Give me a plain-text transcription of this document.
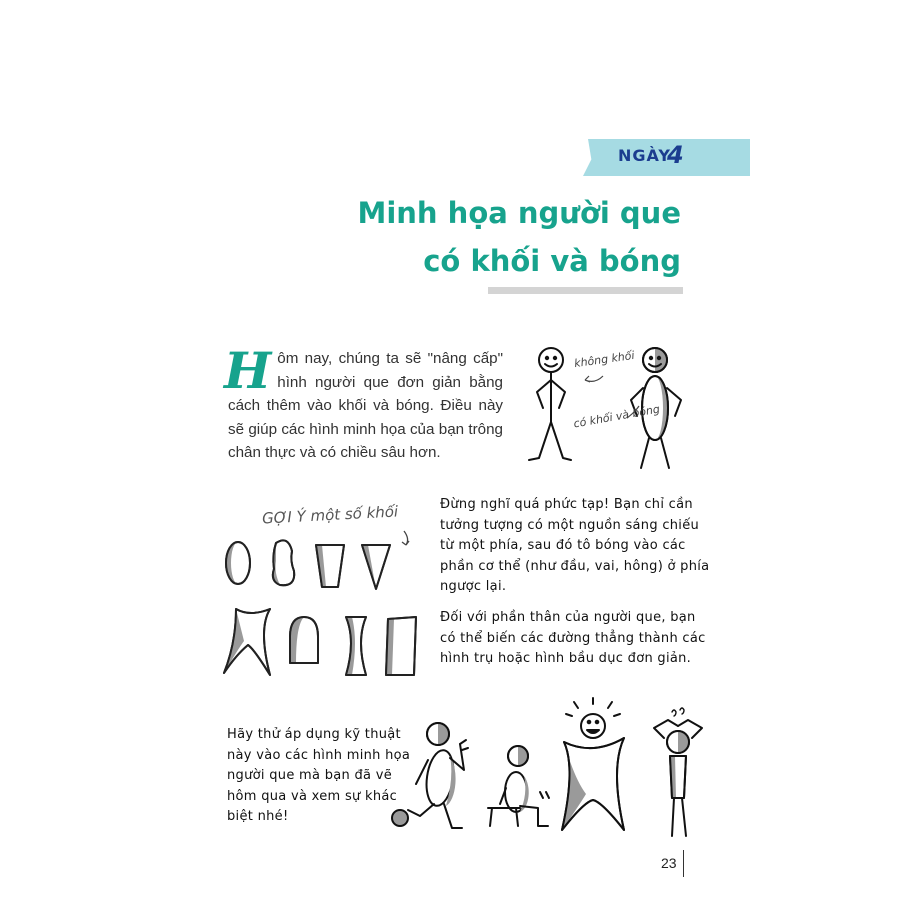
NGÀY
4
Minh họa người que
có khối và bóng
Hôm nay, chúng ta sẽ "nâng cấp" hình người que đơn giản bằng cách thêm vào khối và bóng. Điều này sẽ giúp các hình minh họa của bạn trông chân thực và có chiều sâu hơn.
không khối
có khối và bóng
GỢI Ý một số khối	Đừng nghĩ quá phức tạp! Bạn chỉ cần tưởng tượng có một nguồn sáng chiếu từ một phía, sau đó tô bóng vào các phần cơ thể (như đầu, vai, hông) ở phía ngược lại.
Đối với phần thân của người que, bạn có thể biến các đường thẳng thành các hình trụ hoặc hình bầu dục đơn giản.
Hãy thử áp dụng kỹ thuật này vào các hình minh họa người que mà bạn đã vẽ hôm qua và xem sự khác biệt nhé!
23
